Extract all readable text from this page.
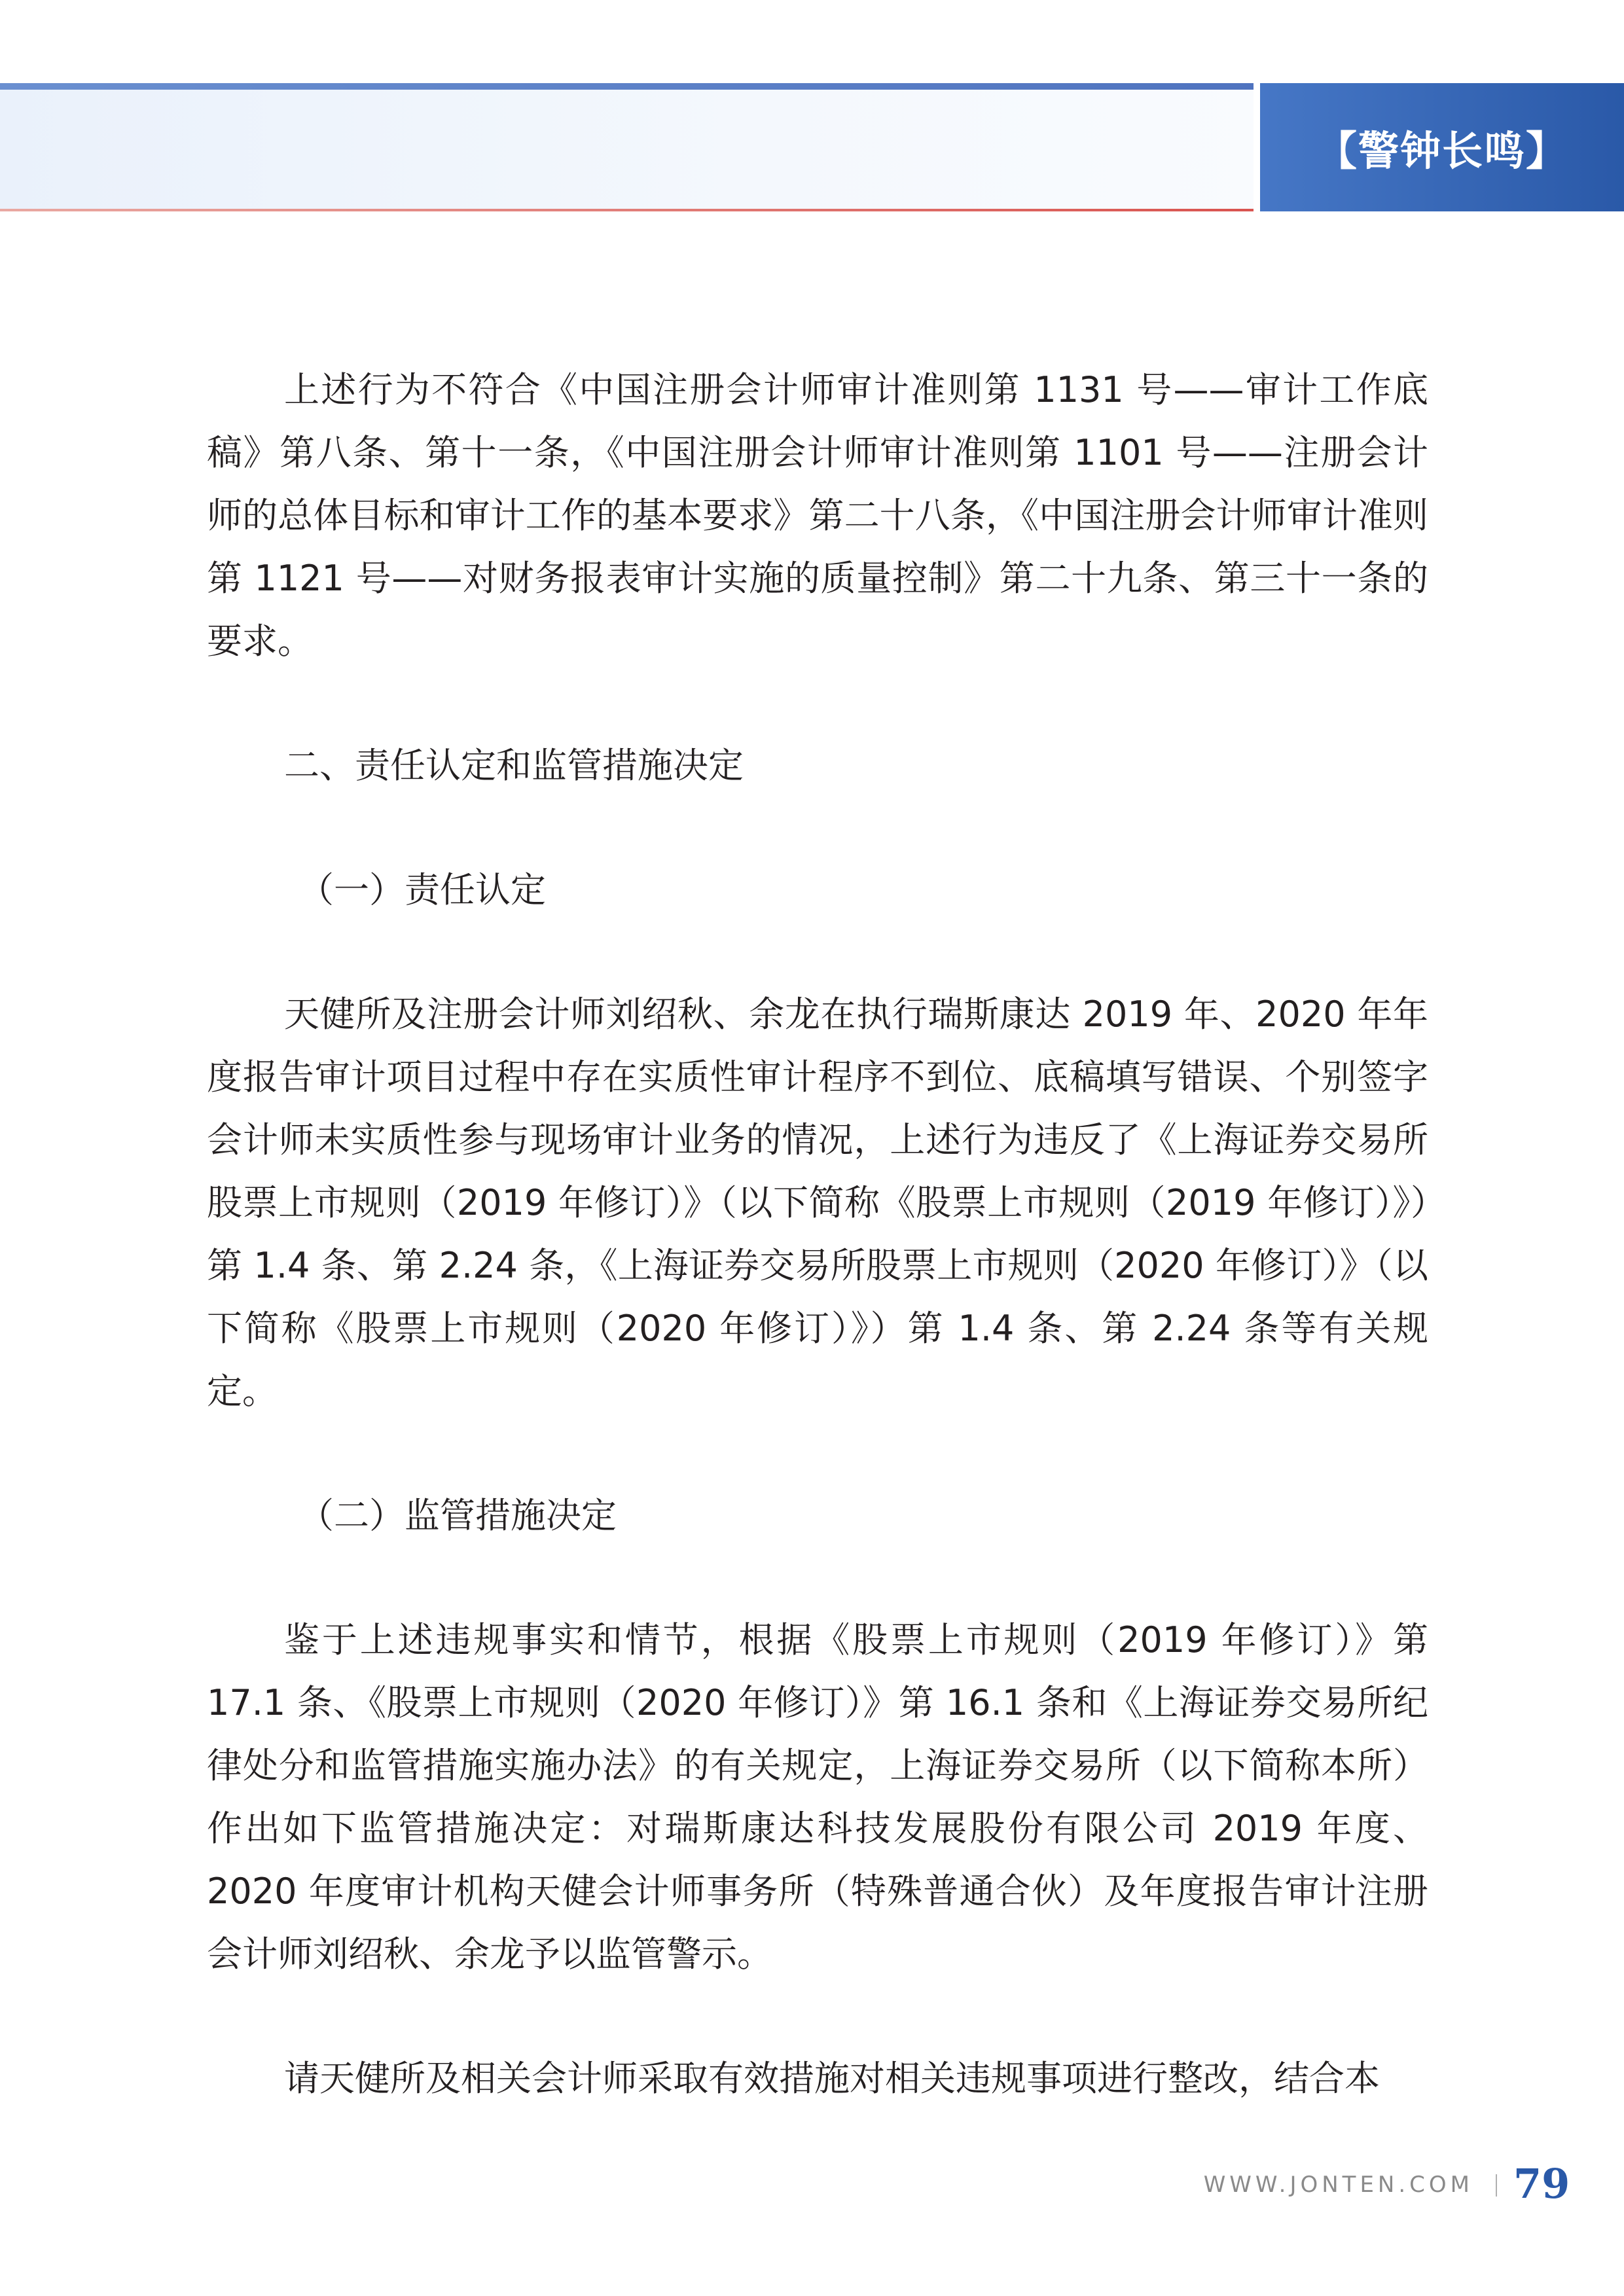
【警钟长鸣】

上述行为不符合《中国注册会计师审计准则第 1131 号——审计工作底稿》第八条、第十一条，《中国注册会计师审计准则第 1101 号——注册会计师的总体目标和审计工作的基本要求》第二十八条，《中国注册会计师审计准则第 1121 号——对财务报表审计实施的质量控制》第二十九条、第三十一条的要求。

二、责任认定和监管措施决定

（一）责任认定

天健所及注册会计师刘绍秋、余龙在执行瑞斯康达 2019 年、2020 年年度报告审计项目过程中存在实质性审计程序不到位、底稿填写错误、个别签字会计师未实质性参与现场审计业务的情况，上述行为违反了《上海证券交易所股票上市规则（2019 年修订）》（以下简称《股票上市规则（2019 年修订）》）第 1.4 条、第 2.24 条，《上海证券交易所股票上市规则（2020 年修订）》（以下简称《股票上市规则（2020 年修订）》）第 1.4 条、第 2.24 条等有关规定。

（二）监管措施决定

鉴于上述违规事实和情节，根据《股票上市规则（2019 年修订）》第 17.1 条、《股票上市规则（2020 年修订）》第 16.1 条和《上海证券交易所纪律处分和监管措施实施办法》的有关规定，上海证券交易所（以下简称本所）作出如下监管措施决定：对瑞斯康达科技发展股份有限公司 2019 年度、2020 年度审计机构天健会计师事务所（特殊普通合伙）及年度报告审计注册会计师刘绍秋、余龙予以监管警示。

请天健所及相关会计师采取有效措施对相关违规事项进行整改，结合本

WWW.JONTEN.COM 79
